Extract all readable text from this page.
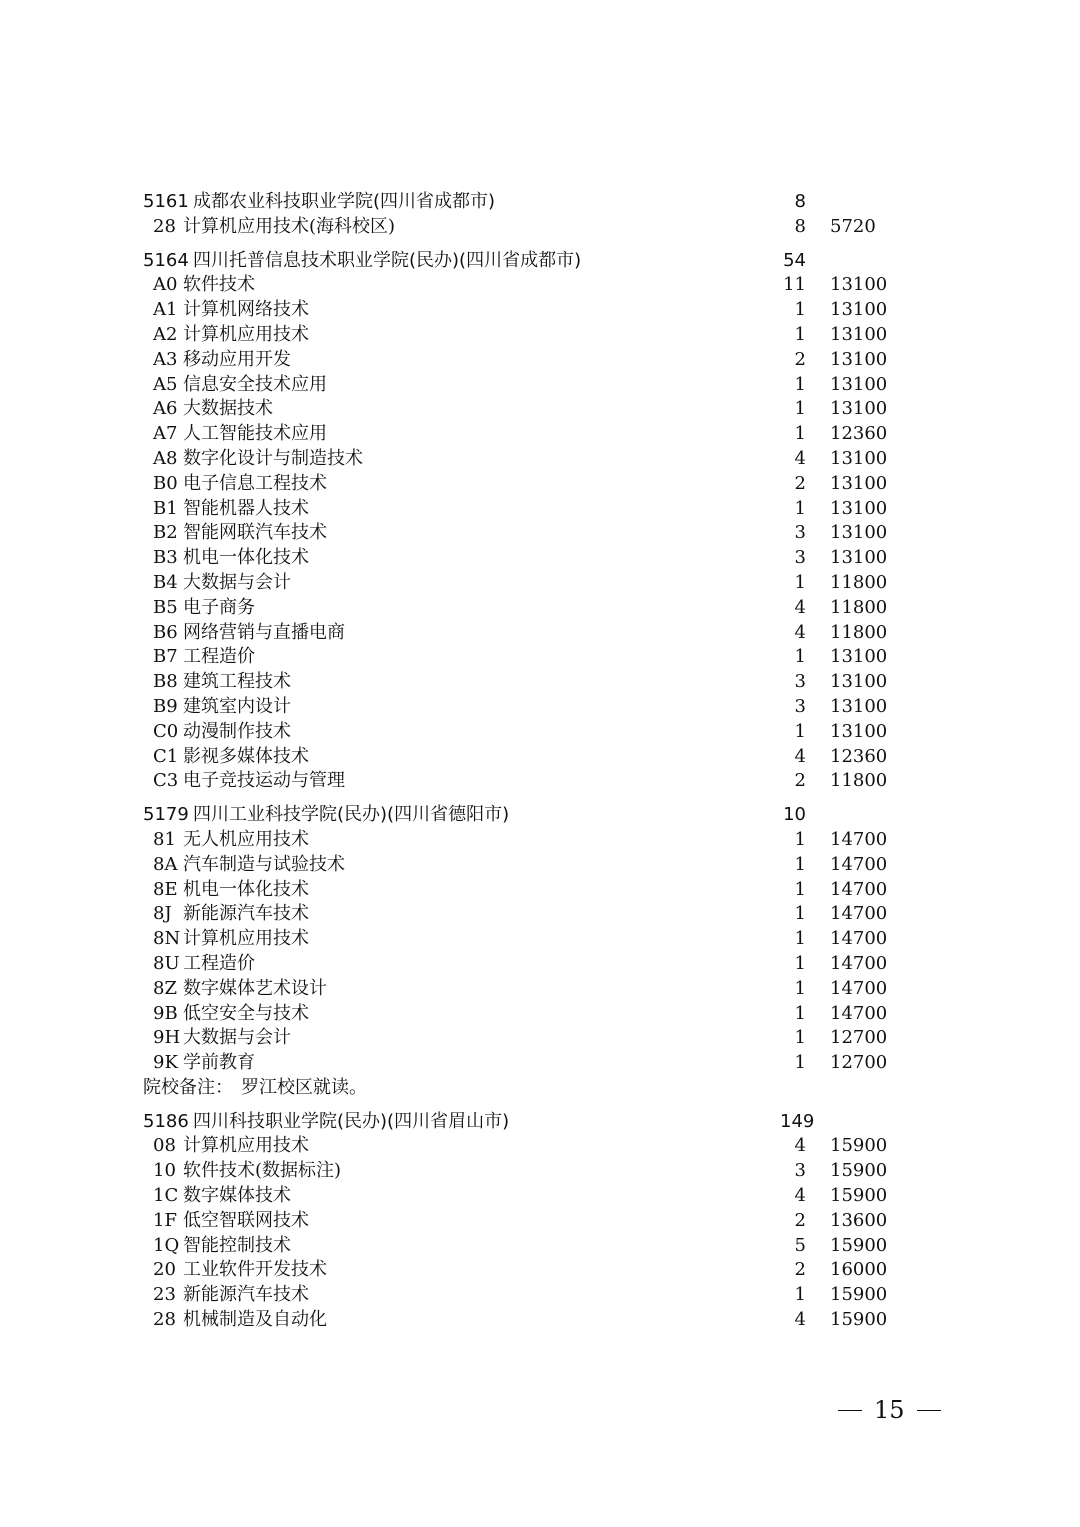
5161 成都农业科技职业学院(四川省成都市)	8
28 计算机应用技术(海科校区)	8 5720
5164 四川托普信息技术职业学院(民办)(四川省成都市)	54
A0 软件技术	11 13100
A1 计算机网络技术	1 13100
A2 计算机应用技术	1 13100
A3 移动应用开发	2 13100
A5 信息安全技术应用	1 13100
A6 大数据技术	1 13100
A7 人工智能技术应用	1 12360
A8 数字化设计与制造技术	4 13100
B0 电子信息工程技术	2 13100
B1 智能机器人技术	1 13100
B2 智能网联汽车技术	3 13100
B3 机电一体化技术	3 13100
B4 大数据与会计	1 11800
B5 电子商务	4 11800
B6 网络营销与直播电商	4 11800
B7 工程造价	1 13100
B8 建筑工程技术	3 13100
B9 建筑室内设计	3 13100
C0 动漫制作技术	1 13100
C1 影视多媒体技术	4 12360
C3 电子竞技运动与管理	2 11800
5179 四川工业科技学院(民办)(四川省德阳市)	10
81 无人机应用技术	1 14700
8A 汽车制造与试验技术	1 14700
8E 机电一体化技术	1 14700
8J 新能源汽车技术	1 14700
8N 计算机应用技术	1 14700
8U 工程造价	1 14700
8Z 数字媒体艺术设计	1 14700
9B 低空安全与技术	1 14700
9H 大数据与会计	1 12700
9K 学前教育	1 12700
院校备注： 罗江校区就读。
5186 四川科技职业学院(民办)(四川省眉山市)	149
08 计算机应用技术	4 15900
10 软件技术(数据标注)	3 15900
1C 数字媒体技术	4 15900
1F 低空智联网技术	2 13600
1Q 智能控制技术	5 15900
20 工业软件开发技术	2 16000
23 新能源汽车技术	1 15900
28 机械制造及自动化	4 15900
15
